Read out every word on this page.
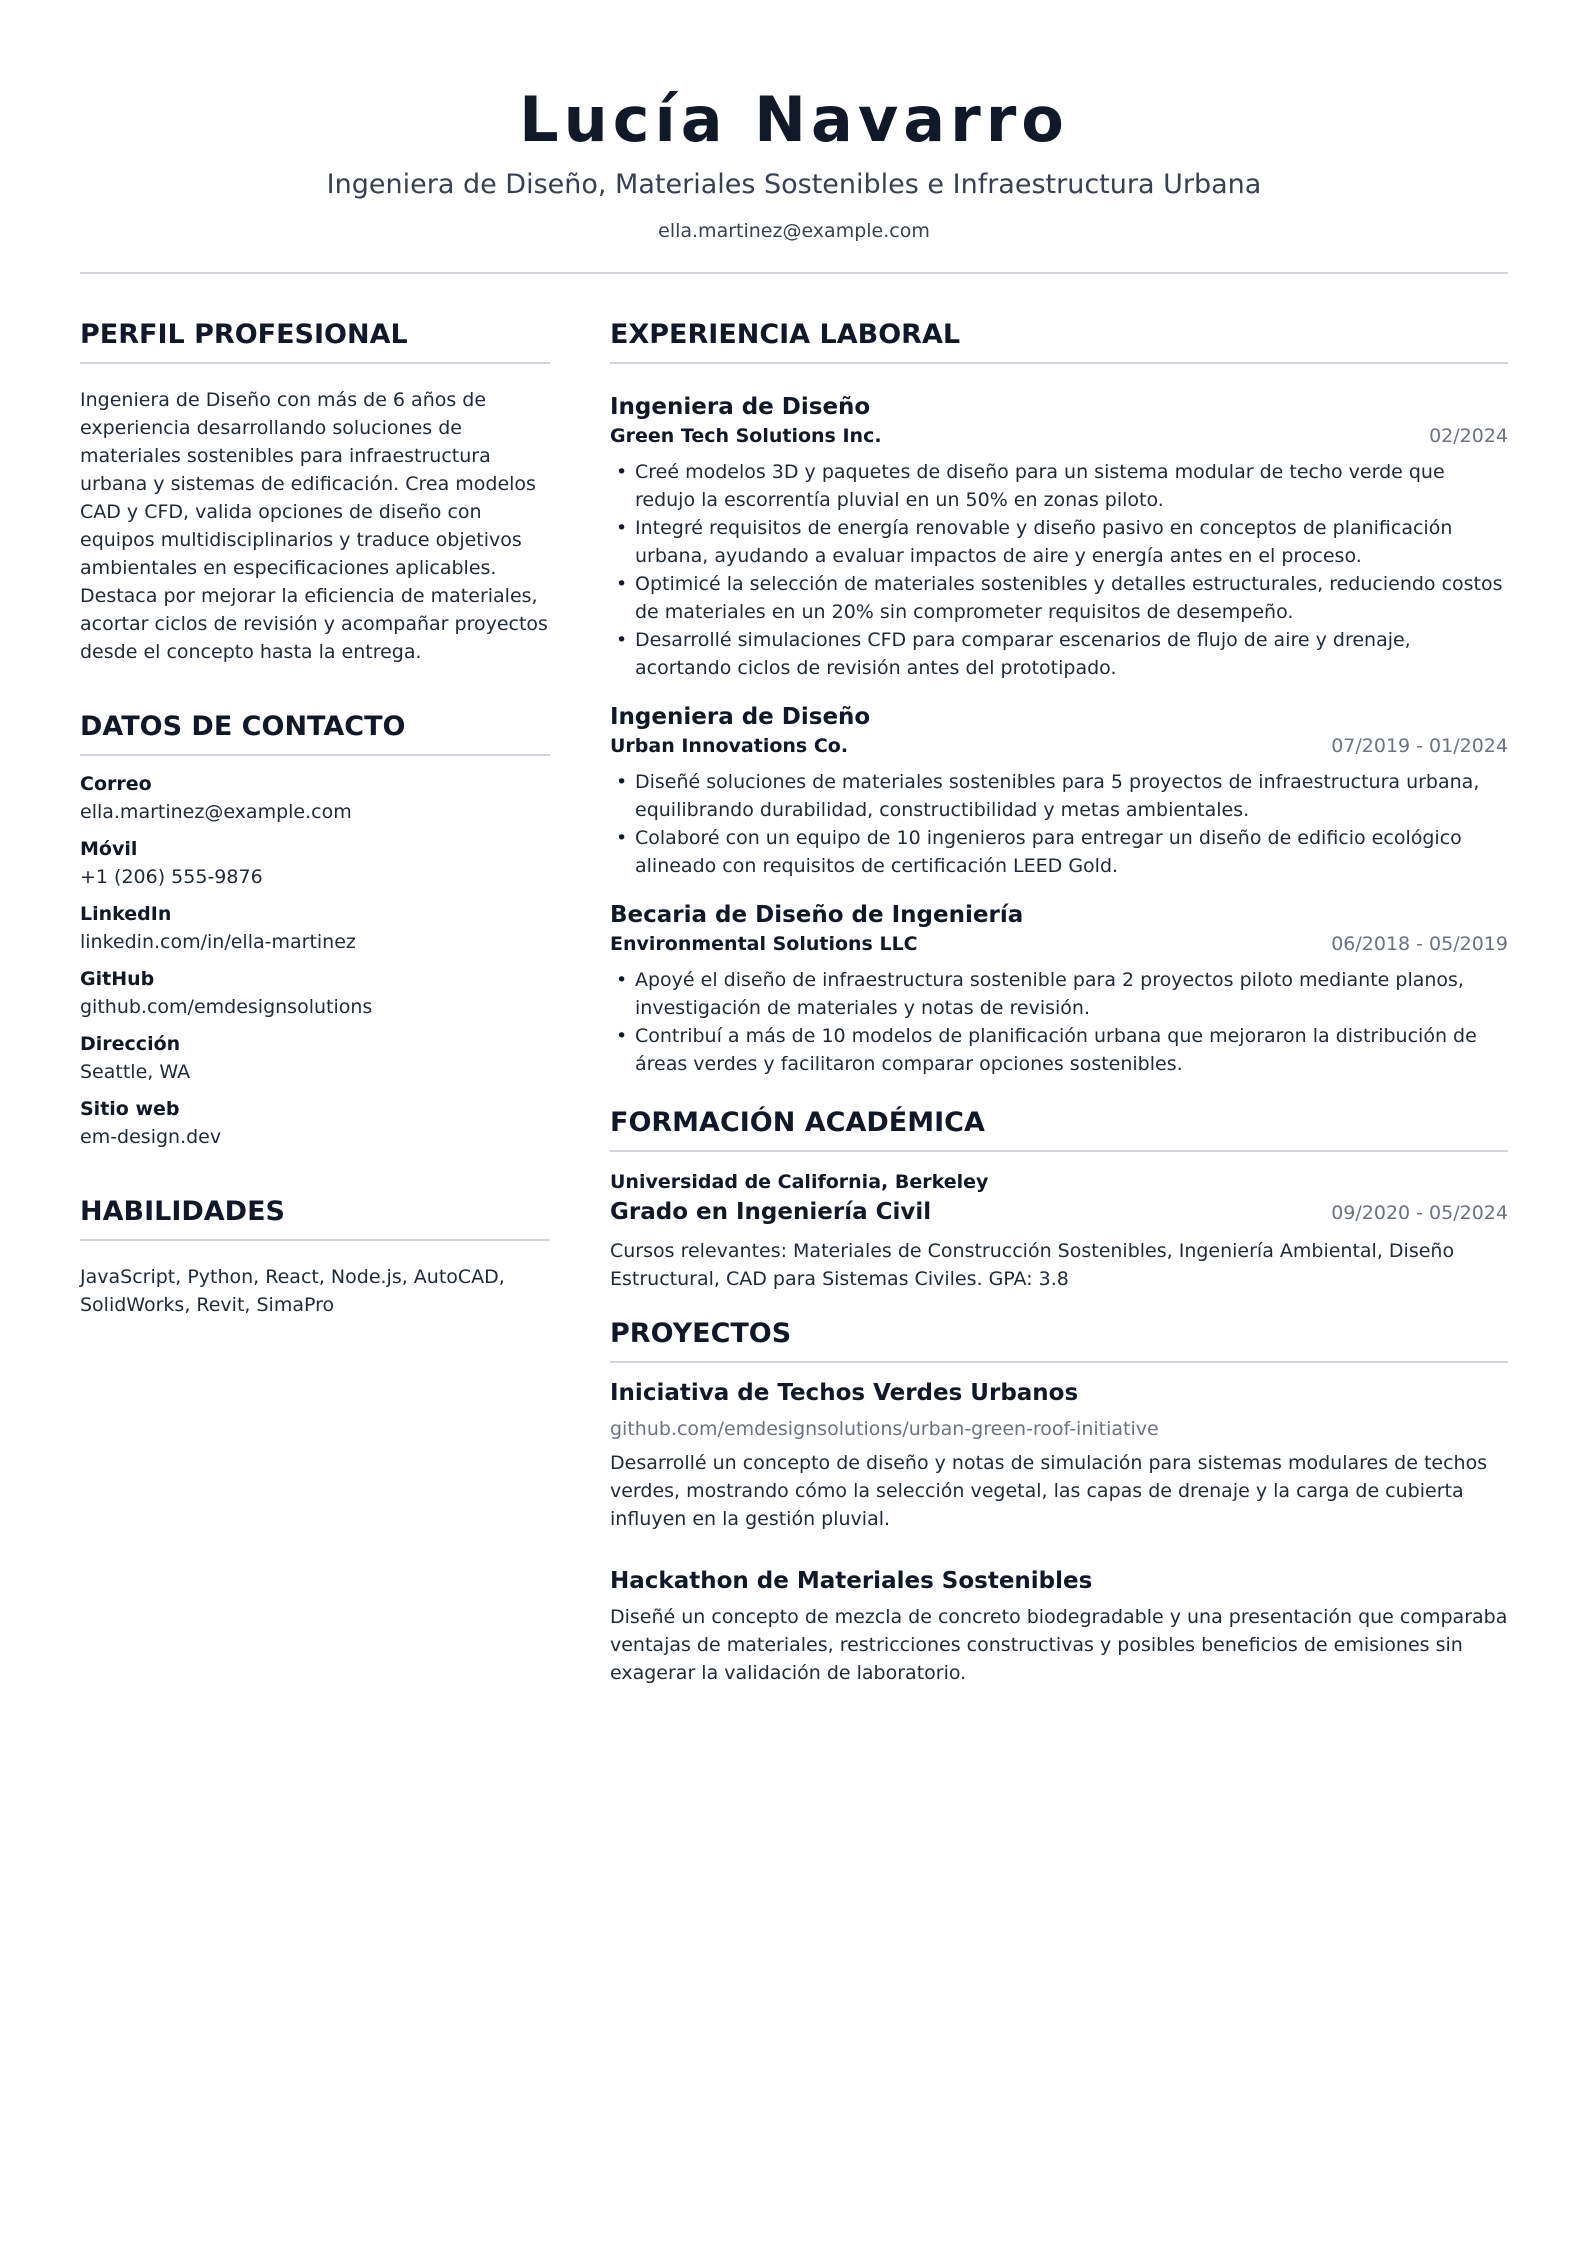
Lucía Navarro
Ingeniera de Diseño, Materiales Sostenibles e Infraestructura Urbana
ella.martinez@example.com
PERFIL PROFESIONAL
Ingeniera de Diseño con más de 6 años de experiencia desarrollando soluciones de materiales sostenibles para infraestructura urbana y sistemas de edificación. Crea modelos CAD y CFD, valida opciones de diseño con equipos multidisciplinarios y traduce objetivos ambientales en especificaciones aplicables. Destaca por mejorar la eficiencia de materiales, acortar ciclos de revisión y acompañar proyectos desde el concepto hasta la entrega.
DATOS DE CONTACTO
Correo
ella.martinez@example.com
Móvil
+1 (206) 555-9876
LinkedIn
linkedin.com/in/ella-martinez
GitHub
github.com/emdesignsolutions
Dirección
Seattle, WA
Sitio web
em-design.dev
HABILIDADES
JavaScript, Python, React, Node.js, AutoCAD, SolidWorks, Revit, SimaPro
EXPERIENCIA LABORAL
Ingeniera de Diseño
Green Tech Solutions Inc.	02/2024
• Creé modelos 3D y paquetes de diseño para un sistema modular de techo verde que redujo la escorrentía pluvial en un 50% en zonas piloto.
• Integré requisitos de energía renovable y diseño pasivo en conceptos de planificación urbana, ayudando a evaluar impactos de aire y energía antes en el proceso.
• Optimicé la selección de materiales sostenibles y detalles estructurales, reduciendo costos de materiales en un 20% sin comprometer requisitos de desempeño.
• Desarrollé simulaciones CFD para comparar escenarios de flujo de aire y drenaje, acortando ciclos de revisión antes del prototipado.
Ingeniera de Diseño
Urban Innovations Co.	07/2019 - 01/2024
• Diseñé soluciones de materiales sostenibles para 5 proyectos de infraestructura urbana, equilibrando durabilidad, constructibilidad y metas ambientales.
• Colaboré con un equipo de 10 ingenieros para entregar un diseño de edificio ecológico alineado con requisitos de certificación LEED Gold.
Becaria de Diseño de Ingeniería
Environmental Solutions LLC	06/2018 - 05/2019
• Apoyé el diseño de infraestructura sostenible para 2 proyectos piloto mediante planos, investigación de materiales y notas de revisión.
• Contribuí a más de 10 modelos de planificación urbana que mejoraron la distribución de áreas verdes y facilitaron comparar opciones sostenibles.
FORMACIÓN ACADÉMICA
Universidad de California, Berkeley
Grado en Ingeniería Civil	09/2020 - 05/2024
Cursos relevantes: Materiales de Construcción Sostenibles, Ingeniería Ambiental, Diseño Estructural, CAD para Sistemas Civiles. GPA: 3.8
PROYECTOS
Iniciativa de Techos Verdes Urbanos
github.com/emdesignsolutions/urban-green-roof-initiative
Desarrollé un concepto de diseño y notas de simulación para sistemas modulares de techos verdes, mostrando cómo la selección vegetal, las capas de drenaje y la carga de cubierta influyen en la gestión pluvial.
Hackathon de Materiales Sostenibles
Diseñé un concepto de mezcla de concreto biodegradable y una presentación que comparaba ventajas de materiales, restricciones constructivas y posibles beneficios de emisiones sin exagerar la validación de laboratorio.
